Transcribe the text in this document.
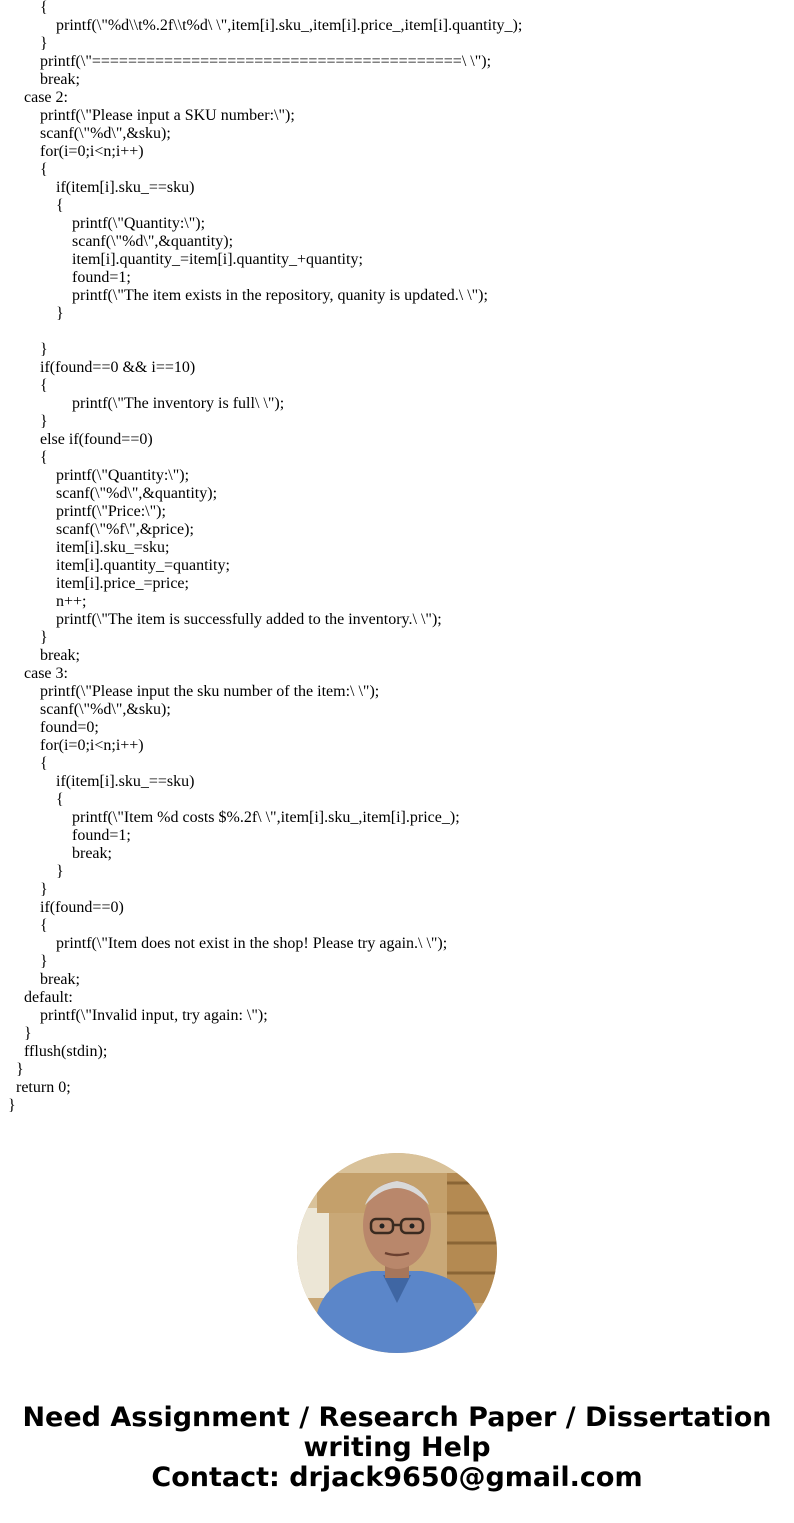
{
printf(\"%d\\t%.2f\\t%d\ \",item[i].sku_,item[i].price_,item[i].quantity_);
}
printf(\"=========================================\ \");
break;
case 2:
printf(\"Please input a SKU number:\");
scanf(\"%d\",&sku);
for(i=0;i<n;i++)
{
if(item[i].sku_==sku)
{
printf(\"Quantity:\");
scanf(\"%d\",&quantity);
item[i].quantity_=item[i].quantity_+quantity;
found=1;
printf(\"The item exists in the repository, quanity is updated.\ \");
}
}
if(found==0 && i==10)
{
printf(\"The inventory is full\ \");
}
else if(found==0)
{
printf(\"Quantity:\");
scanf(\"%d\",&quantity);
printf(\"Price:\");
scanf(\"%f\",&price);
item[i].sku_=sku;
item[i].quantity_=quantity;
item[i].price_=price;
n++;
printf(\"The item is successfully added to the inventory.\ \");
}
break;
case 3:
printf(\"Please input the sku number of the item:\ \");
scanf(\"%d\",&sku);
found=0;
for(i=0;i<n;i++)
{
if(item[i].sku_==sku)
{
printf(\"Item %d costs $%.2f\ \",item[i].sku_,item[i].price_);
found=1;
break;
}
}
if(found==0)
{
printf(\"Item does not exist in the shop! Please try again.\ \");
}
break;
default:
printf(\"Invalid input, try again: \");
}
fflush(stdin);
}
return 0;
}
Need Assignment / Research Paper / Dissertation
writing Help
Contact: drjack9650@gmail.com
